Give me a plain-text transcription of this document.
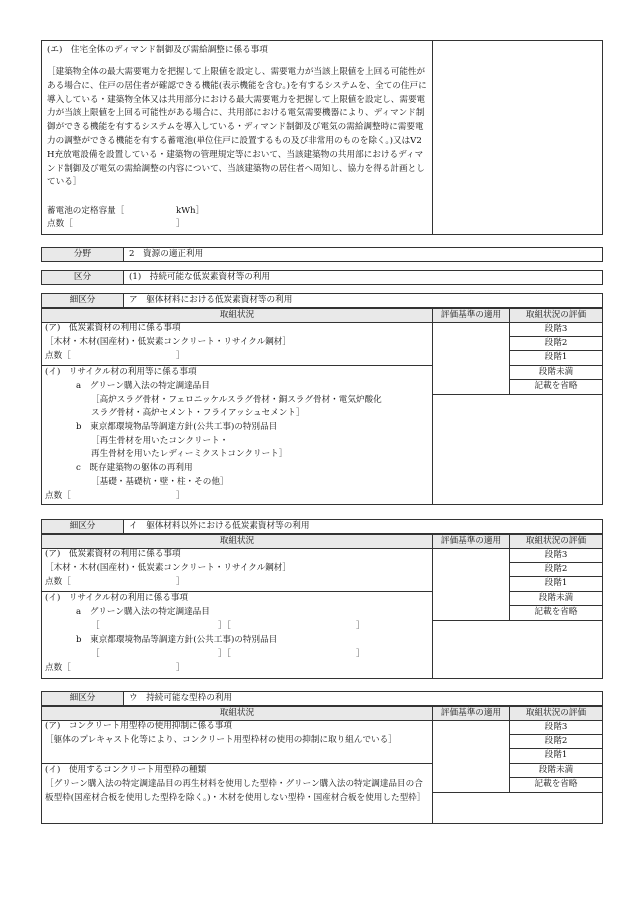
(エ)　住宅全体のディマンド制御及び需給調整に係る事項
［建築物全体の最大需要電力を把握して上限値を設定し、需要電力が当該上限値を上回る可能性がある場合に、住戸の居住者が確認できる機能(表示機能を含む。)を有するシステムを、全ての住戸に導入している・建築物全体又は共用部分における最大需要電力を把握して上限値を設定し、需要電力が当該上限値を上回る可能性がある場合に、共用部における電気需要機器により、ディマンド制御ができる機能を有するシステムを導入している・ディマンド制御及び電気の需給調整時に需要電力の調整ができる機能を有する蓄電池(単位住戸に設置するもの及び非常用のものを除く。)又はV2H充放電設備を設置している・建築物の管理規定等において、当該建築物の共用部におけるディマンド制御及び電気の需給調整の内容について、当該建築物の居住者へ周知し、協力を得る計画としている］
蓄電池の定格容量［	kWh］
点数［	］
分野	2　資源の適正利用
区分	(1)　持続可能な低炭素資材等の利用
細区分	ア　躯体材料における低炭素資材等の利用
取組状況	評価基準の適用	取組状況の評価
段階3
段階2
段階1
段階未満
記載を省略
(ア)　低炭素資材の利用に係る事項
［木材・木材(国産材)・低炭素コンクリート・リサイクル鋼材］
点数［	］
(イ)　リサイクル材の利用等に係る事項
a　グリーン購入法の特定調達品目
［高炉スラグ骨材・フェロニッケルスラグ骨材・銅スラグ骨材・電気炉酸化
スラグ骨材・高炉セメント・フライアッシュセメント］
b　東京都環境物品等調達方針(公共工事)の特別品目
［再生骨材を用いたコンクリート・
再生骨材を用いたレディーミクストコンクリート］
c　既存建築物の躯体の再利用
［基礎・基礎杭・壁・柱・その他］
点数［	］
細区分	イ　躯体材料以外における低炭素資材等の利用
取組状況	評価基準の適用	取組状況の評価
段階3
段階2
段階1
段階未満
記載を省略
(ア)　低炭素資材の利用に係る事項
［木材・木材(国産材)・低炭素コンクリート・リサイクル鋼材］
点数［	］
(イ)　リサイクル材の利用に係る事項
a　グリーン購入法の特定調達品目
［	］［	］
b　東京都環境物品等調達方針(公共工事)の特別品目
［	］［	］
点数［	］
細区分	ウ　持続可能な型枠の利用
取組状況	評価基準の適用	取組状況の評価
段階3
段階2
段階1
段階未満
記載を省略
(ア)　コンクリート用型枠の使用抑制に係る事項
［躯体のプレキャスト化等により、コンクリート用型枠材の使用の抑制に取り組んでいる］
(イ)　使用するコンクリート用型枠の種類
［グリーン購入法の特定調達品目の再生材料を使用した型枠・グリーン購入法の特定調達品目の合板型枠(国産材合板を使用した型枠を除く。)・木材を使用しない型枠・国産材合板を使用した型枠］
